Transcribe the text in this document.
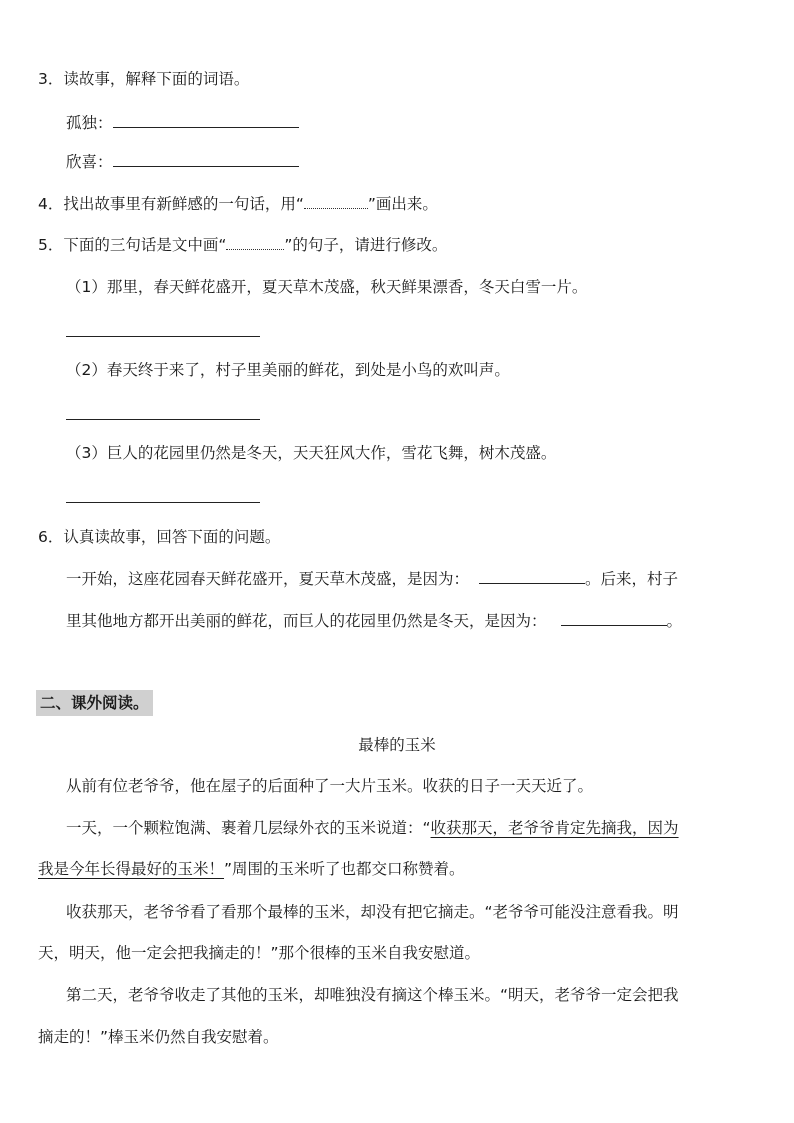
3．读故事，解释下面的词语。
孤独：
欣喜：
4．找出故事里有新鲜感的一句话，用“	”画出来。
5．下面的三句话是文中画“	”的句子，请进行修改。
（1）那里，春天鲜花盛开，夏天草木茂盛，秋天鲜果漂香，冬天白雪一片。
（2）春天终于来了，村子里美丽的鲜花，到处是小鸟的欢叫声。
（3）巨人的花园里仍然是冬天，天天狂风大作，雪花飞舞，树木茂盛。
6．认真读故事，回答下面的问题。
一开始，这座花园春天鲜花盛开，夏天草木茂盛，是因为：	。后来，村子
里其他地方都开出美丽的鲜花，而巨人的花园里仍然是冬天，是因为：	。
二、课外阅读。
最棒的玉米
从前有位老爷爷，他在屋子的后面种了一大片玉米。收获的日子一天天近了。
一天，一个颗粒饱满、裹着几层绿外衣的玉米说道：“收获那天，老爷爷肯定先摘我，因为
我是今年长得最好的玉米！”周围的玉米听了也都交口称赞着。
收获那天，老爷爷看了看那个最棒的玉米，却没有把它摘走。“老爷爷可能没注意看我。明
天，明天，他一定会把我摘走的！”那个很棒的玉米自我安慰道。
第二天，老爷爷收走了其他的玉米，却唯独没有摘这个棒玉米。“明天，老爷爷一定会把我
摘走的！”棒玉米仍然自我安慰着。
